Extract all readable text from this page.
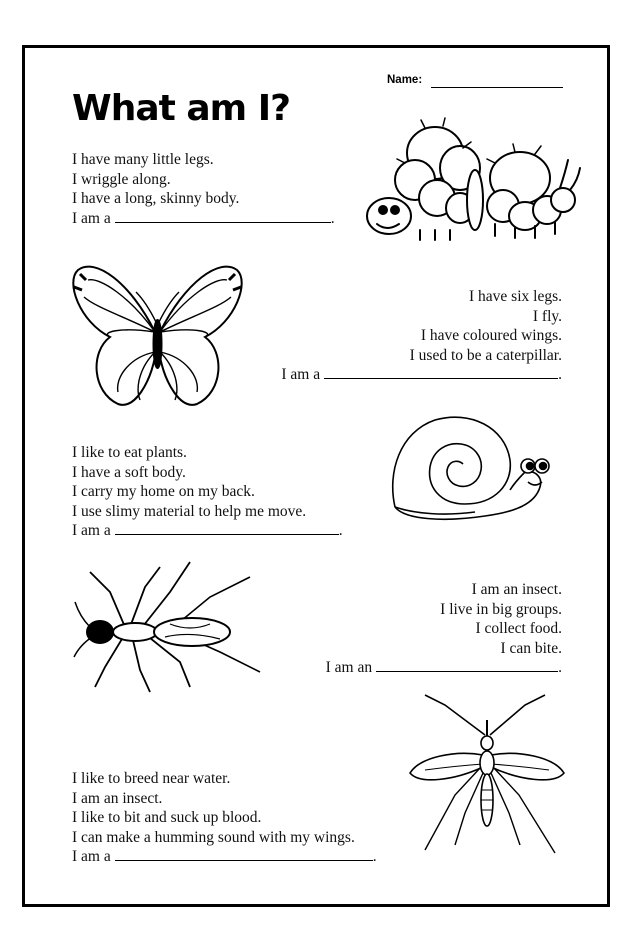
Name:
What am I?

I have many little legs.

I wriggle along.

I have a long, skinny body.

I am a	.

I have six legs.

I fly.

I have coloured wings.

I used to be a caterpillar.

I am a	.

I like to eat plants.

I have a soft body.

I carry my home on my back.

I use slimy material to help me move.

I am a	.

I am an insect.

I live in big groups.

I collect food.

I can bite.

I am an	.

I like to breed near water.

I am an insect.

I like to bit and suck up blood.

I can make a humming sound with my wings.

I am a	.
